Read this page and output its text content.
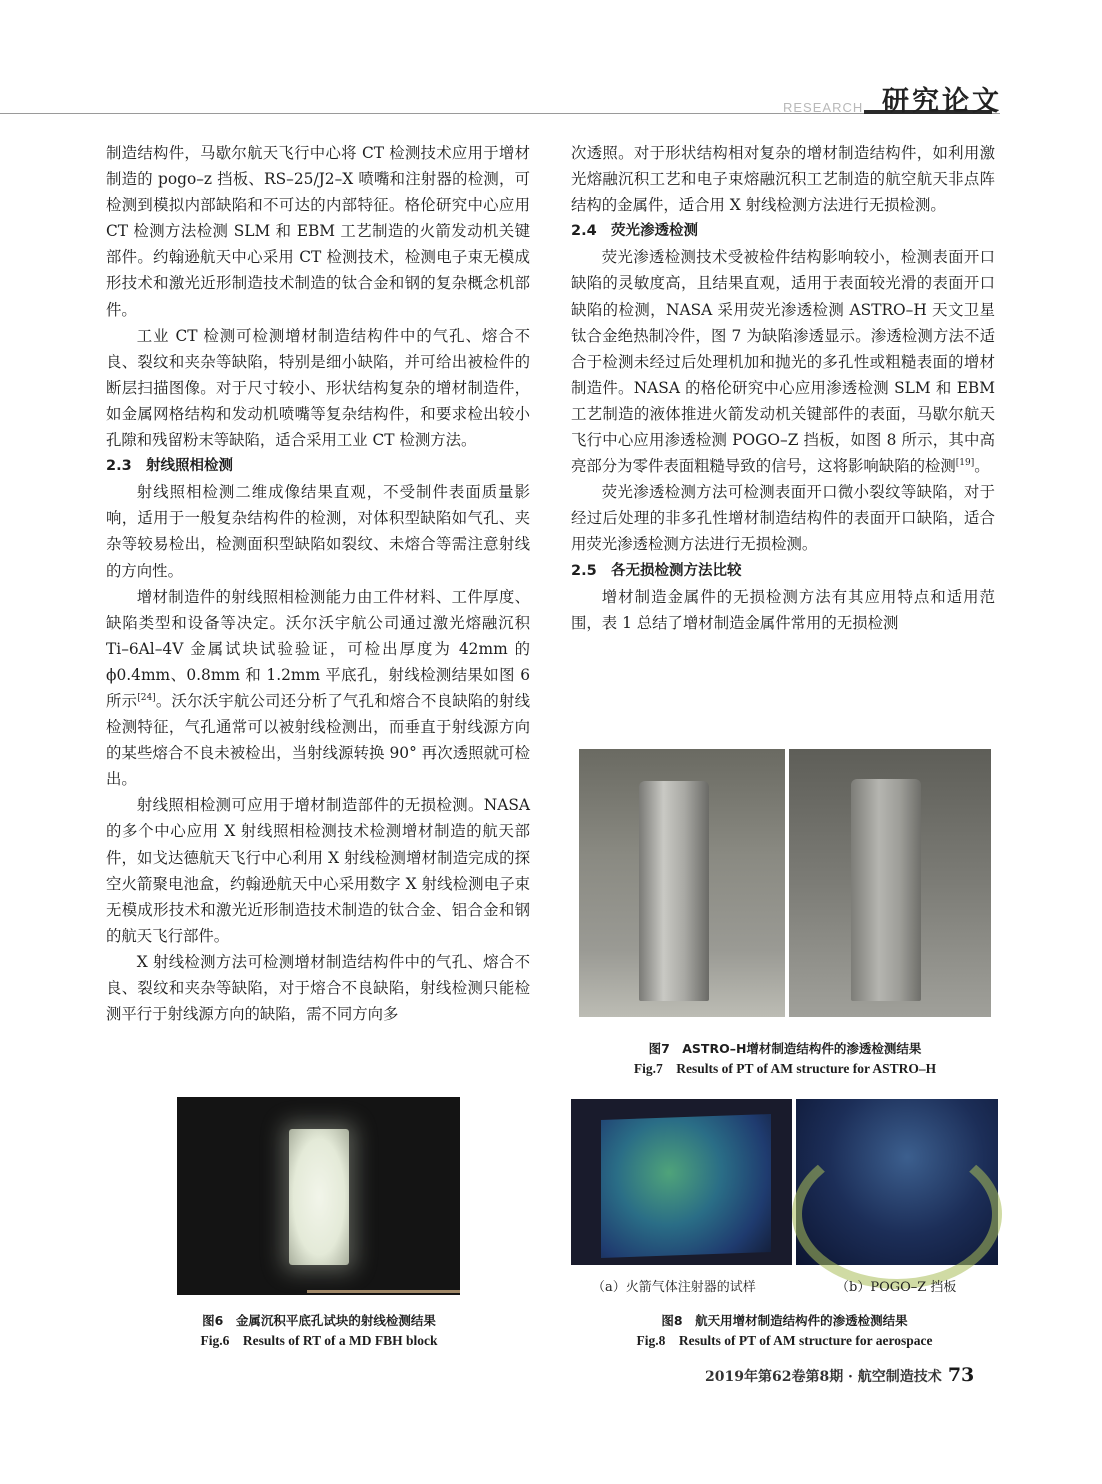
RESEARCH 研究论文

制造结构件，马歇尔航天飞行中心将 CT 检测技术应用于增材制造的 pogo–z 挡板、RS–25/J2–X 喷嘴和注射器的检测，可检测到模拟内部缺陷和不可达的内部特征。格伦研究中心应用 CT 检测方法检测 SLM 和 EBM 工艺制造的火箭发动机关键部件。约翰逊航天中心采用 CT 检测技术，检测电子束无模成形技术和激光近形制造技术制造的钛合金和钢的复杂概念机部件。

工业 CT 检测可检测增材制造结构件中的气孔、熔合不良、裂纹和夹杂等缺陷，特别是细小缺陷，并可给出被检件的断层扫描图像。对于尺寸较小、形状结构复杂的增材制造件，如金属网格结构和发动机喷嘴等复杂结构件，和要求检出较小孔隙和残留粉末等缺陷，适合采用工业 CT 检测方法。

2.3 射线照相检测

射线照相检测二维成像结果直观，不受制件表面质量影响，适用于一般复杂结构件的检测，对体积型缺陷如气孔、夹杂等较易检出，检测面积型缺陷如裂纹、未熔合等需注意射线的方向性。

增材制造件的射线照相检测能力由工件材料、工件厚度、缺陷类型和设备等决定。沃尔沃宇航公司通过激光熔融沉积 Ti–6Al–4V 金属试块试验验证，可检出厚度为 42mm 的 ϕ0.4mm、0.8mm 和 1.2mm 平底孔，射线检测结果如图 6 所示[24]。沃尔沃宇航公司还分析了气孔和熔合不良缺陷的射线检测特征，气孔通常可以被射线检测出，而垂直于射线源方向的某些熔合不良未被检出，当射线源转换 90° 再次透照就可检出。

射线照相检测可应用于增材制造部件的无损检测。NASA 的多个中心应用 X 射线照相检测技术检测增材制造的航天部件，如戈达德航天飞行中心利用 X 射线检测增材制造完成的探空火箭聚电池盒，约翰逊航天中心采用数字 X 射线检测电子束无模成形技术和激光近形制造技术制造的钛合金、铝合金和钢的航天飞行部件。

X 射线检测方法可检测增材制造结构件中的气孔、熔合不良、裂纹和夹杂等缺陷，对于熔合不良缺陷，射线检测只能检测平行于射线源方向的缺陷，需不同方向多

次透照。对于形状结构相对复杂的增材制造结构件，如利用激光熔融沉积工艺和电子束熔融沉积工艺制造的航空航天非点阵结构的金属件，适合用 X 射线检测方法进行无损检测。

2.4 荧光渗透检测

荧光渗透检测技术受被检件结构影响较小，检测表面开口缺陷的灵敏度高，且结果直观，适用于表面较光滑的表面开口缺陷的检测，NASA 采用荧光渗透检测 ASTRO–H 天文卫星钛合金绝热制冷件，图 7 为缺陷渗透显示。渗透检测方法不适合于检测未经过后处理机加和抛光的多孔性或粗糙表面的增材制造件。NASA 的格伦研究中心应用渗透检测 SLM 和 EBM 工艺制造的液体推进火箭发动机关键部件的表面，马歇尔航天飞行中心应用渗透检测 POGO–Z 挡板，如图 8 所示，其中高亮部分为零件表面粗糙导致的信号，这将影响缺陷的检测[19]。

荧光渗透检测方法可检测表面开口微小裂纹等缺陷，对于经过后处理的非多孔性增材制造结构件的表面开口缺陷，适合用荧光渗透检测方法进行无损检测。

2.5 各无损检测方法比较

增材制造金属件的无损检测方法有其应用特点和适用范围，表 1 总结了增材制造金属件常用的无损检测

图7　ASTRO–H增材制造结构件的渗透检测结果
Fig.7　Results of PT of AM structure for ASTRO–H
图6　金属沉积平底孔试块的射线检测结果
Fig.6　Results of RT of a MD FBH block
（a）火箭气体注射器的试样	（b）POGO–Z 挡板
图8　航天用增材制造结构件的渗透检测结果
Fig.8　Results of PT of AM structure for aerospace
2019年第62卷第8期 · 航空制造技术 73
